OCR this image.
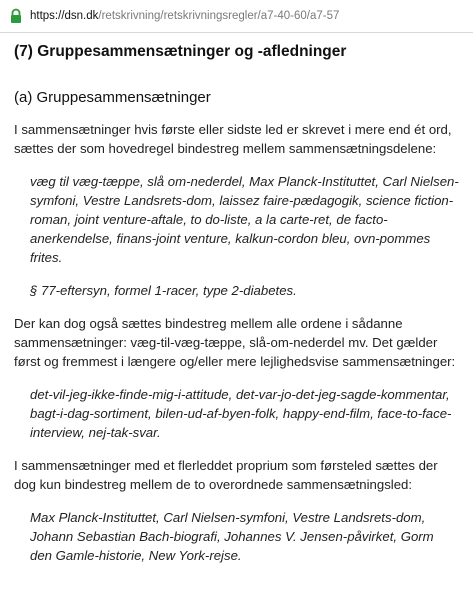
https://dsn.dk /retskrivning/retskrivningsregler/a7-40-60/a7-57
(7) Gruppesammensætninger og -afledninger
(a) Gruppesammensætninger

I sammensætninger hvis første eller sidste led er skrevet i mere end ét ord, sættes der som hovedregel bindestreg mellem sammensætningsdelene:

væg til væg-tæppe, slå om-nederdel, Max Planck-Instituttet, Carl Nielsen-symfoni, Vestre Landsrets-dom, laissez faire-pædagogik, science fiction-roman, joint venture-aftale, to do-liste, a la carte-ret, de facto-anerkendelse, finans-joint venture, kalkun-cordon bleu, ovn-pommes frites.

§ 77-eftersyn, formel 1-racer, type 2-diabetes.

Der kan dog også sættes bindestreg mellem alle ordene i sådanne sammensætninger: væg-til-væg-tæppe, slå-om-nederdel mv. Det gælder først og fremmest i længere og/eller mere lejlighedsvise sammensætninger:

det-vil-jeg-ikke-finde-mig-i-attitude, det-var-jo-det-jeg-sagde-kommentar, bagt-i-dag-sortiment, bilen-ud-af-byen-folk, happy-end-film, face-to-face-interview, nej-tak-svar.

I sammensætninger med et flerleddet proprium som førsteled sættes der dog kun bindestreg mellem de to overordnede sammensætningsled:

Max Planck-Instituttet, Carl Nielsen-symfoni, Vestre Landsrets-dom, Johann Sebastian Bach-biografi, Johannes V. Jensen-påvirket, Gorm den Gamle-historie, New York-rejse.
